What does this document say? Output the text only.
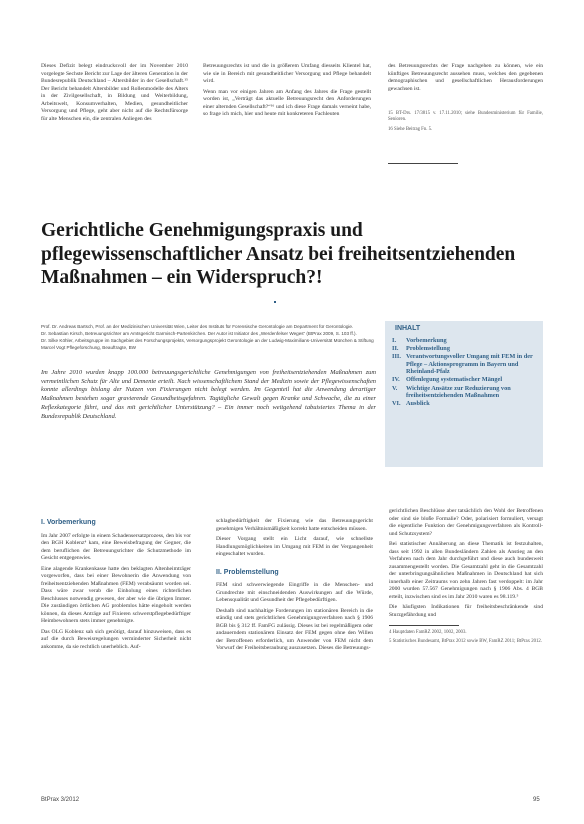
Dieses Defizit belegt eindrucksvoll der im November 2010 vorgelegte Sechste Bericht zur Lage der älteren Generation in der Bundesrepublik Deutschland – Altersbilder in der Gesellschaft.¹⁵ Der Bericht behandelt Altersbilder und Rollenmodelle des Alters in der Zivilgesellschaft, in Bildung und Weiterbildung, Arbeitswelt, Konsumverhalten, Medien, gesundheitlicher Versorgung und Pflege, geht aber nicht auf die Rechtsfürsorge für alte Menschen ein, die zentralen Anliegen des

Betreuungsrechts ist und die in größerem Umfang diesseits Klientel hat, wie sie in Bereich mit gesundheitlicher Versorgung und Pflege behandelt wird.

Wenn man vor einigen Jahren am Anfang des Jahres die Frage gestellt worden ist, „Verträgt das aktuelle Betreuungsrecht den Anforderungen einer alternden Gesellschaft?“¹⁶ und ich diese Frage damals verneint habe, so frage ich mich, hier und heute mit konkreteren Fachleuten

des Betreuungsrechts der Frage nachgehen zu können, wie ein künftiges Betreuungsrecht aussehen muss, welches den gegebenen demographischen und gesellschaftlichen Herausforderungen gewachsen ist.

15 BT-Drs. 17/3815 v. 17.11.2010; siehe Bundesministerium für Familie, Senioren.

16 Siehe Beitrag Fn. 5.

Gerichtliche Genehmigungspraxis und pflegewissenschaftlicher Ansatz bei freiheitsentziehenden Maßnahmen – ein Widerspruch?!
Prof. Dr. Andreas Bartsch, Prof. an der Medizinischen Universität Wien, Leiter des Instituts für Forensische Gerontologie am Department für Gerontologie.
Dr. Sebastian Kirsch, Betreuungsrichter am Amtsgericht Garmisch-Partenkirchen. Der Autor ist Initiator des „Werdenfelser Weges“ (BtPrax 2009, S. 103 ff.).
Dr. Silke Köhler, Arbeitsgruppe im Sachgebiet des Forschungsprojekts, Versorgungsprojekt Gerontologie an der Ludwig-Maximilians-Universität München & Stiftung Marcel Vogt Pflegeforschung, Beauftragte, BW
Im Jahre 2010 wurden knapp 100.000 betreuungsgerichtliche Genehmigungen von freiheitsentziehenden Maßnahmen zum vermeintlichen Schutz für Alte und Demente erteilt. Nach wissenschaftlichem Stand der Medizin sowie der Pflegewissenschaften konnte allerdings bislang der Nutzen von Fixierungen nicht belegt werden. Im Gegenteil hat die Anwendung derartiger Maßnahmen bestehen sogar gravierende Gesundheitsgefahren. Tagtägliche Gewalt gegen Kranke und Schwache, die zu einer Reflexkategorie führt, und das mit gerichtlicher Unterstützung? – Ein immer noch weitgehend tabuisiertes Thema in der Bundesrepublik Deutschland.
INHALT
I. Vorbemerkung
II. Problemstellung
III. Verantwortungsvoller Umgang mit FEM in der Pflege – Aktionsprogramm in Bayern und Rheinland-Pfalz
IV. Offenlegung systematischer Mängel
V. Wichtige Ansätze zur Reduzierung von freiheitsentziehenden Maßnahmen
VI. Ausblick
I. Vorbemerkung

Im Jahr 2007 erfolgte in einem Schadensersatzprozess, den bis vor den BGH Koblenz⁴ kam, eine Beweisbefragung der Gegner, die dem beruflichen der Betreuungsrichter die Schutzmethode im Gesicht entgegenwies.

Eine alagende Krankenkasse hatte den beklagten Altenheimträger vorgeworfen, dass bei einer Bewohnerin die Anwendung von freiheitsentziehenden Maßnahmen (FEM) verabsäumt worden sei. Dass wäre zwar verab die Einholung eines richterlichen Beschlusses notwendig gewesen, der aber wie die übrigen Immer. Die zuständigen örtlichen AG problemlos hätte eingeholt werden können, da dieses Anträge auf Fixieren schwerstpflegebedürftiger Heimbewohnern stets immer genehmigte.

Das OLG Koblenz sah sich genötigt, darauf hinzuweisen, dass es auf die durch Beweisregelungen verminderter Sicherheit nicht ankomme, da sie rechtlich unerheblich. Auf-

schlagbedürftigkeit der Fixierung wie das Betreuungsgericht genehmigen Verhältnismäßigkeit korrekt hatte entscheiden müssen.

Dieser Vorgang stellt ein Licht darauf, wie schnellste Handlungsmöglichkeiten im Umgang mit FEM in der Vergangenheit eingeschaltet wurden.

II. Problemstellung

FEM sind schwerwiegende Eingriffe in die Menschen- und Grundrechte mit einschneidenden Auswirkungen auf die Würde, Lebensqualität und Gesundheit der Pflegebedürftigen.

Deshalb sind nachhaltige Forderungen im stationären Bereich in die ständig und stets gerichtlichen Genehmigungsverfahren nach § 1906 BGB bis § 312 ff. FamFG zulässig. Dieses ist bei regelmäßigem oder andauerndem stationärem Einsatz der FEM gegen ohne den Willen der Betroffenen erforderlich, um Anwender von FEM nicht dem Vorwurf der Freiheitsberaubung auszusetzen. Dieses die Betreuungs-

gerichtlichen Beschlüsse aber tatsächlich den Wohl der Betroffenen oder sind sie bloße Formalie? Oder, polarisiert formuliert, versagt die eigentliche Funktion der Genehmigungsverfahren als Kontroll- und Schutzsystem?

Bei statistischer Annäherung an diese Thematik ist festzuhalten, dass seit 1992 in allen Bundesländern Zahlen als Anstieg an den Verfahren nach dem Jahr durchgeführt und diese auch bundesweit zusammengestellt worden. Die Gesamtzahl geht in die Gesamtzahl der unterbringungsähnlichen Maßnahmen in Deutschland hat sich innerhalb einer Zeitraums von zehn Jahren fast verdoppelt: im Jahr 2000 wurden 57.567 Genehmigungen nach § 1906 Abs. 4 BGB erteilt, inzwischen sind es im Jahr 2010 waren es 98.119.⁵

Die häufigsten Indikationen für freiheitsbeschränkende sind Sturzgefährdung und

4 Hauptdaten FamRZ 2002, 1002, 2003.

5 Statistisches Bundesamt, BtPrax 2012 sowie BW, FamRZ 2011; BtPrax 2012.

BtPrax 3/2012	95
